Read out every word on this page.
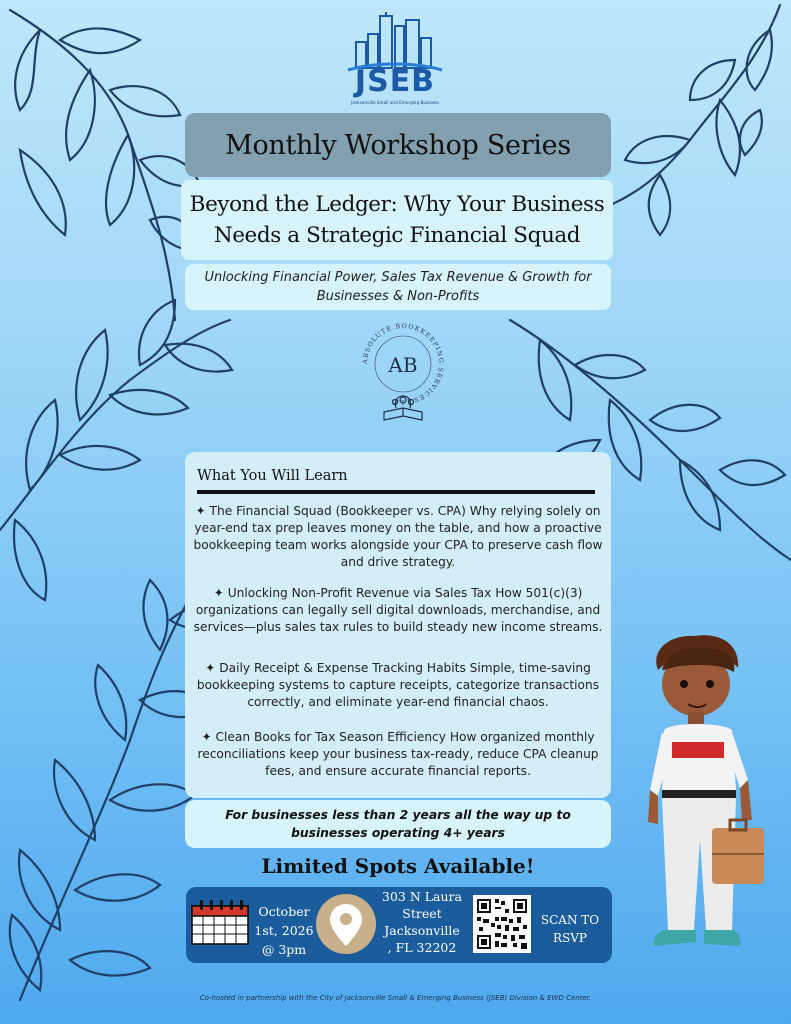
JSEB
Jacksonville Small and Emerging Business
Monthly Workshop Series
Beyond the Ledger: Why Your Business
Needs a Strategic Financial Squad
Unlocking Financial Power, Sales Tax Revenue & Growth for
Businesses & Non-Profits
ABSOLUTE BOOKKEEPING SERVICES LLC
AB
What You Will Learn
✦ The Financial Squad (Bookkeeper vs. CPA) Why relying solely on year-end tax prep leaves money on the table, and how a proactive bookkeeping team works alongside your CPA to preserve cash flow and drive strategy.
✦ Unlocking Non-Profit Revenue via Sales Tax How 501(c)(3) organizations can legally sell digital downloads, merchandise, and services—plus sales tax rules to build steady new income streams.
✦ Daily Receipt & Expense Tracking Habits Simple, time-saving bookkeeping systems to capture receipts, categorize transactions correctly, and eliminate year-end financial chaos.
✦ Clean Books for Tax Season Efficiency How organized monthly reconciliations keep your business tax-ready, reduce CPA cleanup fees, and ensure accurate financial reports.
For businesses less than 2 years all the way up to businesses operating 4+ years
Limited Spots Available!
October
1st, 2026
@ 3pm
303 N Laura
Street
Jacksonville
, FL 32202
SCAN TO
RSVP
Co-hosted in partnership with the City of Jacksonville Small & Emerging Business (JSEB) Division & EWD Center.
